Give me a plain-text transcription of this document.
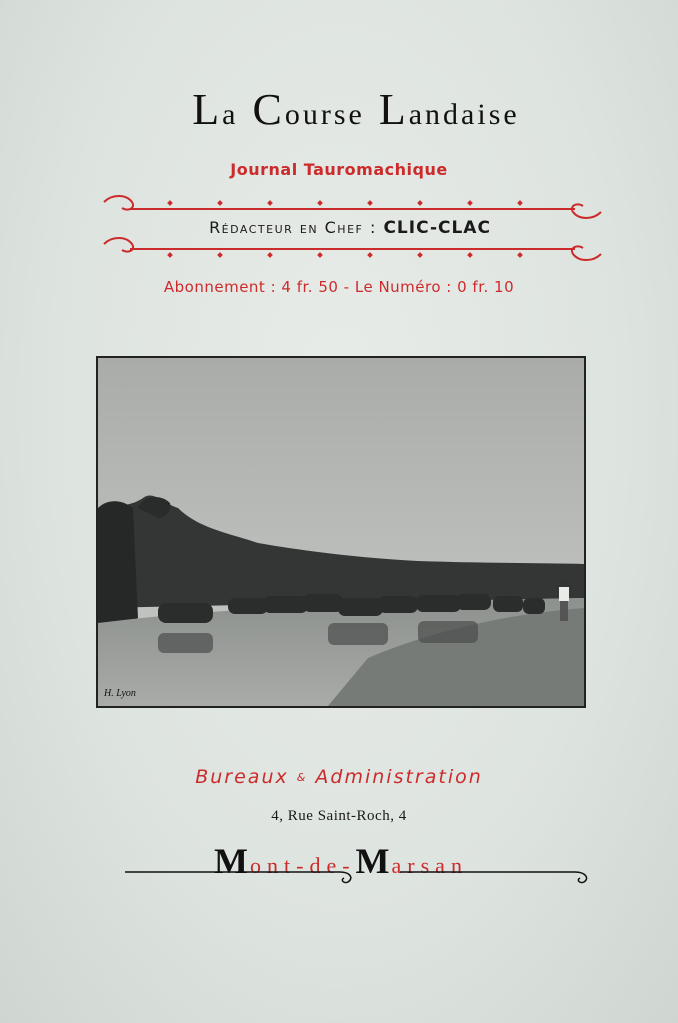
La Course Landaise
Journal Tauromachique
Rédacteur en Chef : CLIC-CLAC
Abonnement : 4 fr. 50 - Le Numéro : 0 fr. 10
H. Lyon
Bureaux & Administration
4, Rue Saint-Roch, 4
Mont-de-Marsan
